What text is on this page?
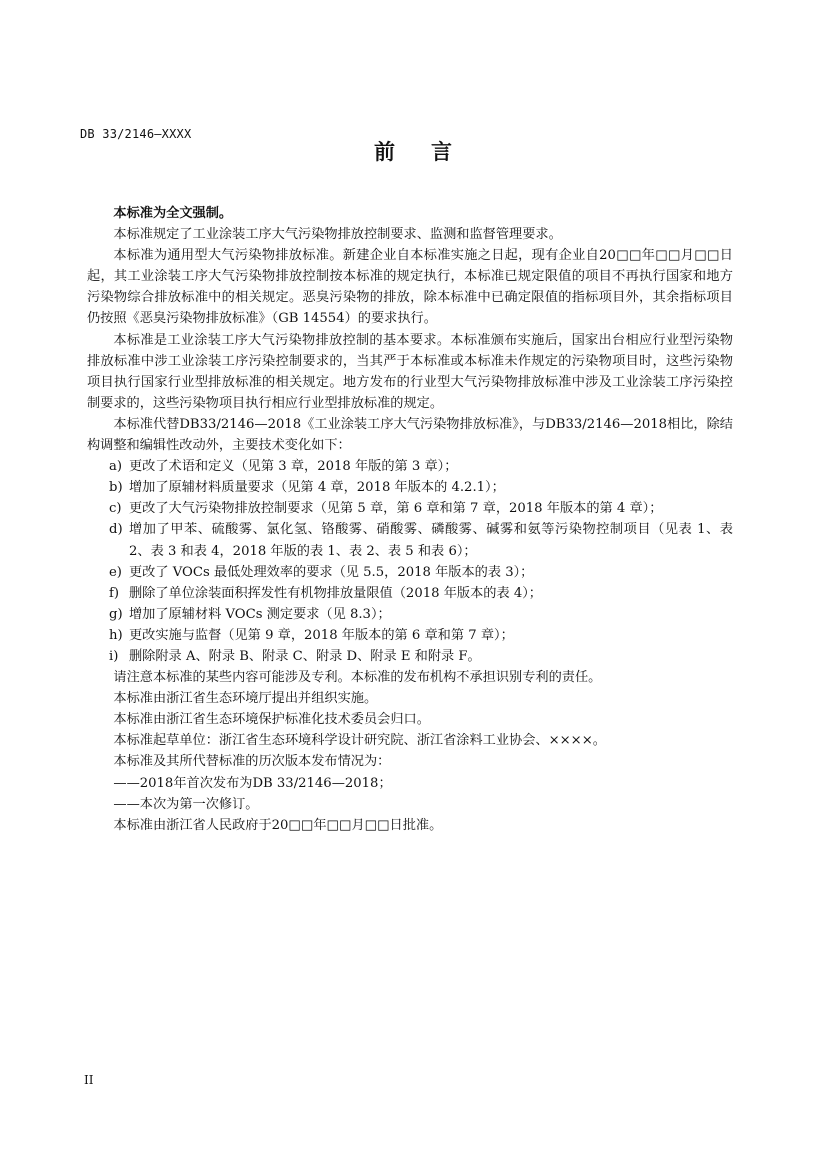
DB 33/2146—XXXX
前 言

本标准为全文强制。

本标准规定了工业涂装工序大气污染物排放控制要求、监测和监督管理要求。

本标准为通用型大气污染物排放标准。新建企业自本标准实施之日起，现有企业自20□□年□□月□□日起，其工业涂装工序大气污染物排放控制按本标准的规定执行，本标准已规定限值的项目不再执行国家和地方污染物综合排放标准中的相关规定。恶臭污染物的排放，除本标准中已确定限值的指标项目外，其余指标项目仍按照《恶臭污染物排放标准》（GB 14554）的要求执行。

本标准是工业涂装工序大气污染物排放控制的基本要求。本标准颁布实施后，国家出台相应行业型污染物排放标准中涉工业涂装工序污染控制要求的，当其严于本标准或本标准未作规定的污染物项目时，这些污染物项目执行国家行业型排放标准的相关规定。地方发布的行业型大气污染物排放标准中涉及工业涂装工序污染控制要求的，这些污染物项目执行相应行业型排放标准的规定。

本标准代替DB33/2146—2018《工业涂装工序大气污染物排放标准》，与DB33/2146—2018相比，除结构调整和编辑性改动外，主要技术变化如下：

a) 更改了术语和定义（见第 3 章，2018 年版的第 3 章）；

b) 增加了原辅材料质量要求（见第 4 章，2018 年版本的 4.2.1）；

c) 更改了大气污染物排放控制要求（见第 5 章，第 6 章和第 7 章，2018 年版本的第 4 章）；

d) 增加了甲苯、硫酸雾、氯化氢、铬酸雾、硝酸雾、磷酸雾、碱雾和氨等污染物控制项目（见表 1、表 2、表 3 和表 4，2018 年版的表 1、表 2、表 5 和表 6）；

e) 更改了 VOCs 最低处理效率的要求（见 5.5，2018 年版本的表 3）；

f) 删除了单位涂装面积挥发性有机物排放量限值（2018 年版本的表 4）；

g) 增加了原辅材料 VOCs 测定要求（见 8.3）；

h) 更改实施与监督（见第 9 章，2018 年版本的第 6 章和第 7 章）；

i) 删除附录 A、附录 B、附录 C、附录 D、附录 E 和附录 F。

请注意本标准的某些内容可能涉及专利。本标准的发布机构不承担识别专利的责任。

本标准由浙江省生态环境厅提出并组织实施。

本标准由浙江省生态环境保护标准化技术委员会归口。

本标准起草单位：浙江省生态环境科学设计研究院、浙江省涂料工业协会、××××。

本标准及其所代替标准的历次版本发布情况为：

——2018年首次发布为DB 33/2146—2018；

——本次为第一次修订。

本标准由浙江省人民政府于20□□年□□月□□日批准。

II
